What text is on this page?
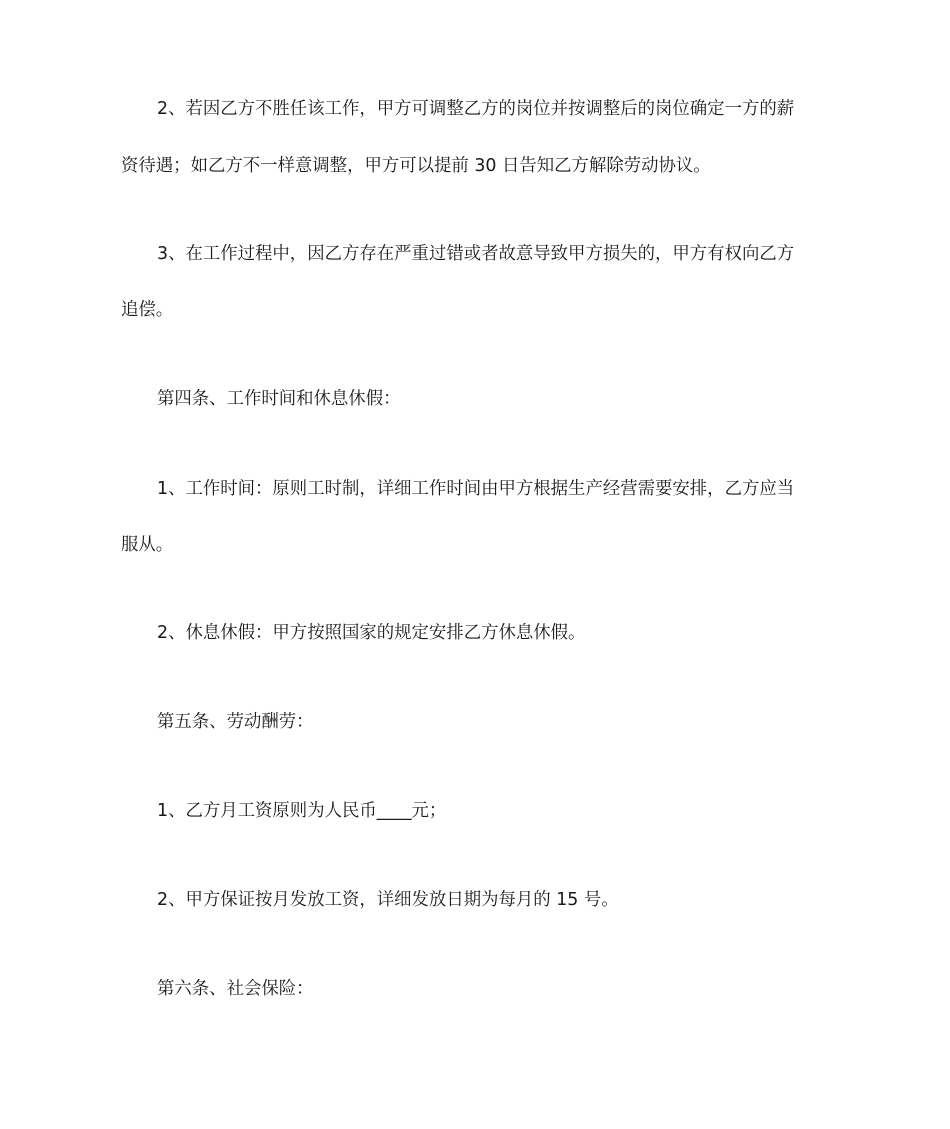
2、若因乙方不胜任该工作，甲方可调整乙方的岗位并按调整后的岗位确定一方的薪
资待遇；如乙方不一样意调整，甲方可以提前 30 日告知乙方解除劳动协议。
3、在工作过程中，因乙方存在严重过错或者故意导致甲方损失的，甲方有权向乙方
追偿。
第四条、工作时间和休息休假：
1、工作时间：原则工时制，详细工作时间由甲方根据生产经营需要安排，乙方应当
服从。
2、休息休假：甲方按照国家的规定安排乙方休息休假。
第五条、劳动酬劳：
1、乙方月工资原则为人民币____元；
2、甲方保证按月发放工资，详细发放日期为每月的 15 号。
第六条、社会保险：
